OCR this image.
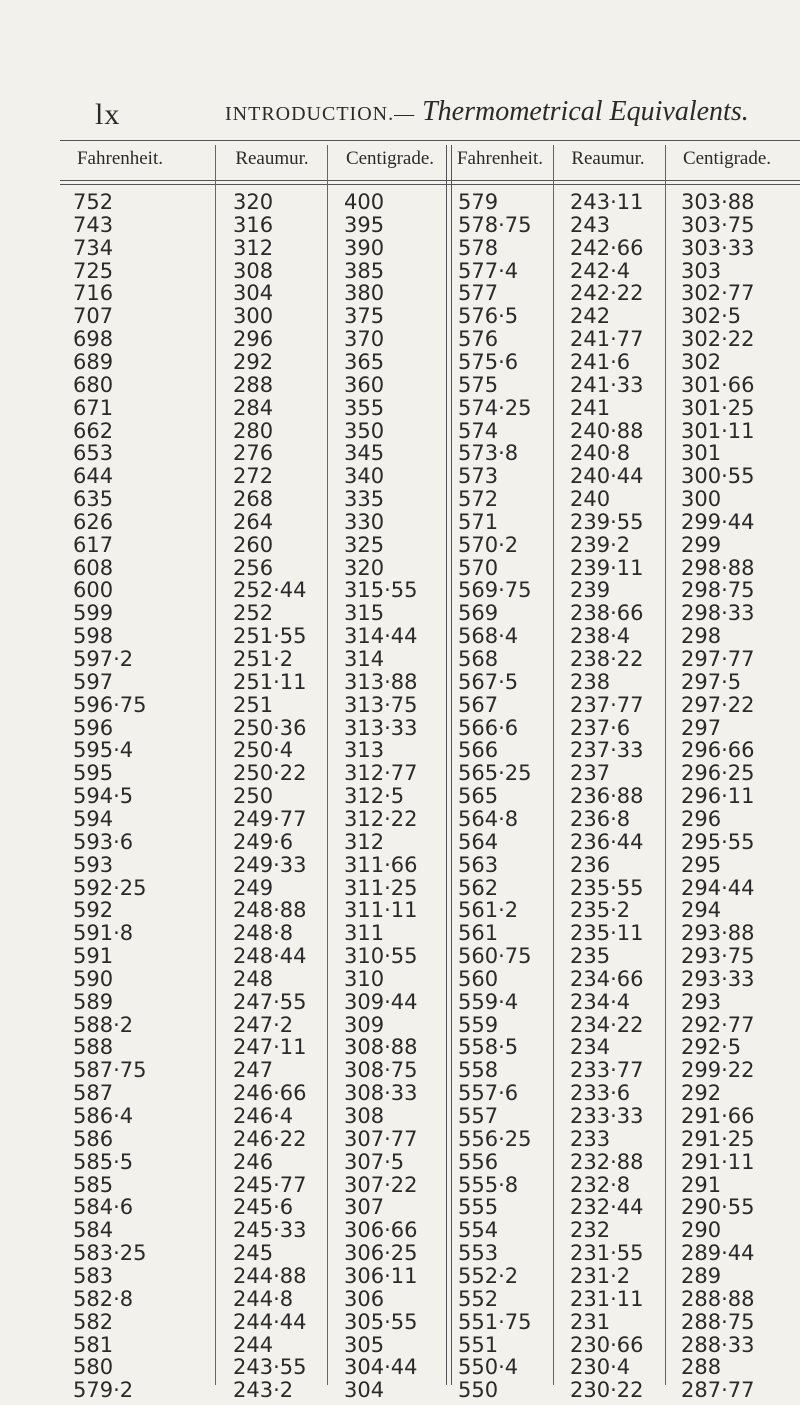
lx	INTRODUCTION.— Thermometrical Equivalents.
Fahrenheit.	Reaumur. Centigrade. Fahrenheit. Reaumur. Centigrade.
752
743
734
725
716
707
698
689
680
671
662
653
644
635
626
617
608
600
599
598
597·2
597
596·75
596
595·4
595
594·5
594
593·6
593
592·25
592
591·8
591
590
589
588·2
588
587·75
587
586·4
586
585·5
585
584·6
584
583·25
583
582·8
582
581
580
579·2
320
316
312
308
304
300
296
292
288
284
280
276
272
268
264
260
256
252·44
252
251·55
251·2
251·11
251
250·36
250·4
250·22
250
249·77
249·6
249·33
249
248·88
248·8
248·44
248
247·55
247·2
247·11
247
246·66
246·4
246·22
246
245·77
245·6
245·33
245
244·88
244·8
244·44
244
243·55
243·2
400
395
390
385
380
375
370
365
360
355
350
345
340
335
330
325
320
315·55
315
314·44
314
313·88
313·75
313·33
313
312·77
312·5
312·22
312
311·66
311·25
311·11
311
310·55
310
309·44
309
308·88
308·75
308·33
308
307·77
307·5
307·22
307
306·66
306·25
306·11
306
305·55
305
304·44
304
579
578·75
578
577·4
577
576·5
576
575·6
575
574·25
574
573·8
573
572
571
570·2
570
569·75
569
568·4
568
567·5
567
566·6
566
565·25
565
564·8
564
563
562
561·2
561
560·75
560
559·4
559
558·5
558
557·6
557
556·25
556
555·8
555
554
553
552·2
552
551·75
551
550·4
550
243·11
243
242·66
242·4
242·22
242
241·77
241·6
241·33
241
240·88
240·8
240·44
240
239·55
239·2
239·11
239
238·66
238·4
238·22
238
237·77
237·6
237·33
237
236·88
236·8
236·44
236
235·55
235·2
235·11
235
234·66
234·4
234·22
234
233·77
233·6
233·33
233
232·88
232·8
232·44
232
231·55
231·2
231·11
231
230·66
230·4
230·22
303·88
303·75
303·33
303
302·77
302·5
302·22
302
301·66
301·25
301·11
301
300·55
300
299·44
299
298·88
298·75
298·33
298
297·77
297·5
297·22
297
296·66
296·25
296·11
296
295·55
295
294·44
294
293·88
293·75
293·33
293
292·77
292·5
299·22
292
291·66
291·25
291·11
291
290·55
290
289·44
289
288·88
288·75
288·33
288
287·77
